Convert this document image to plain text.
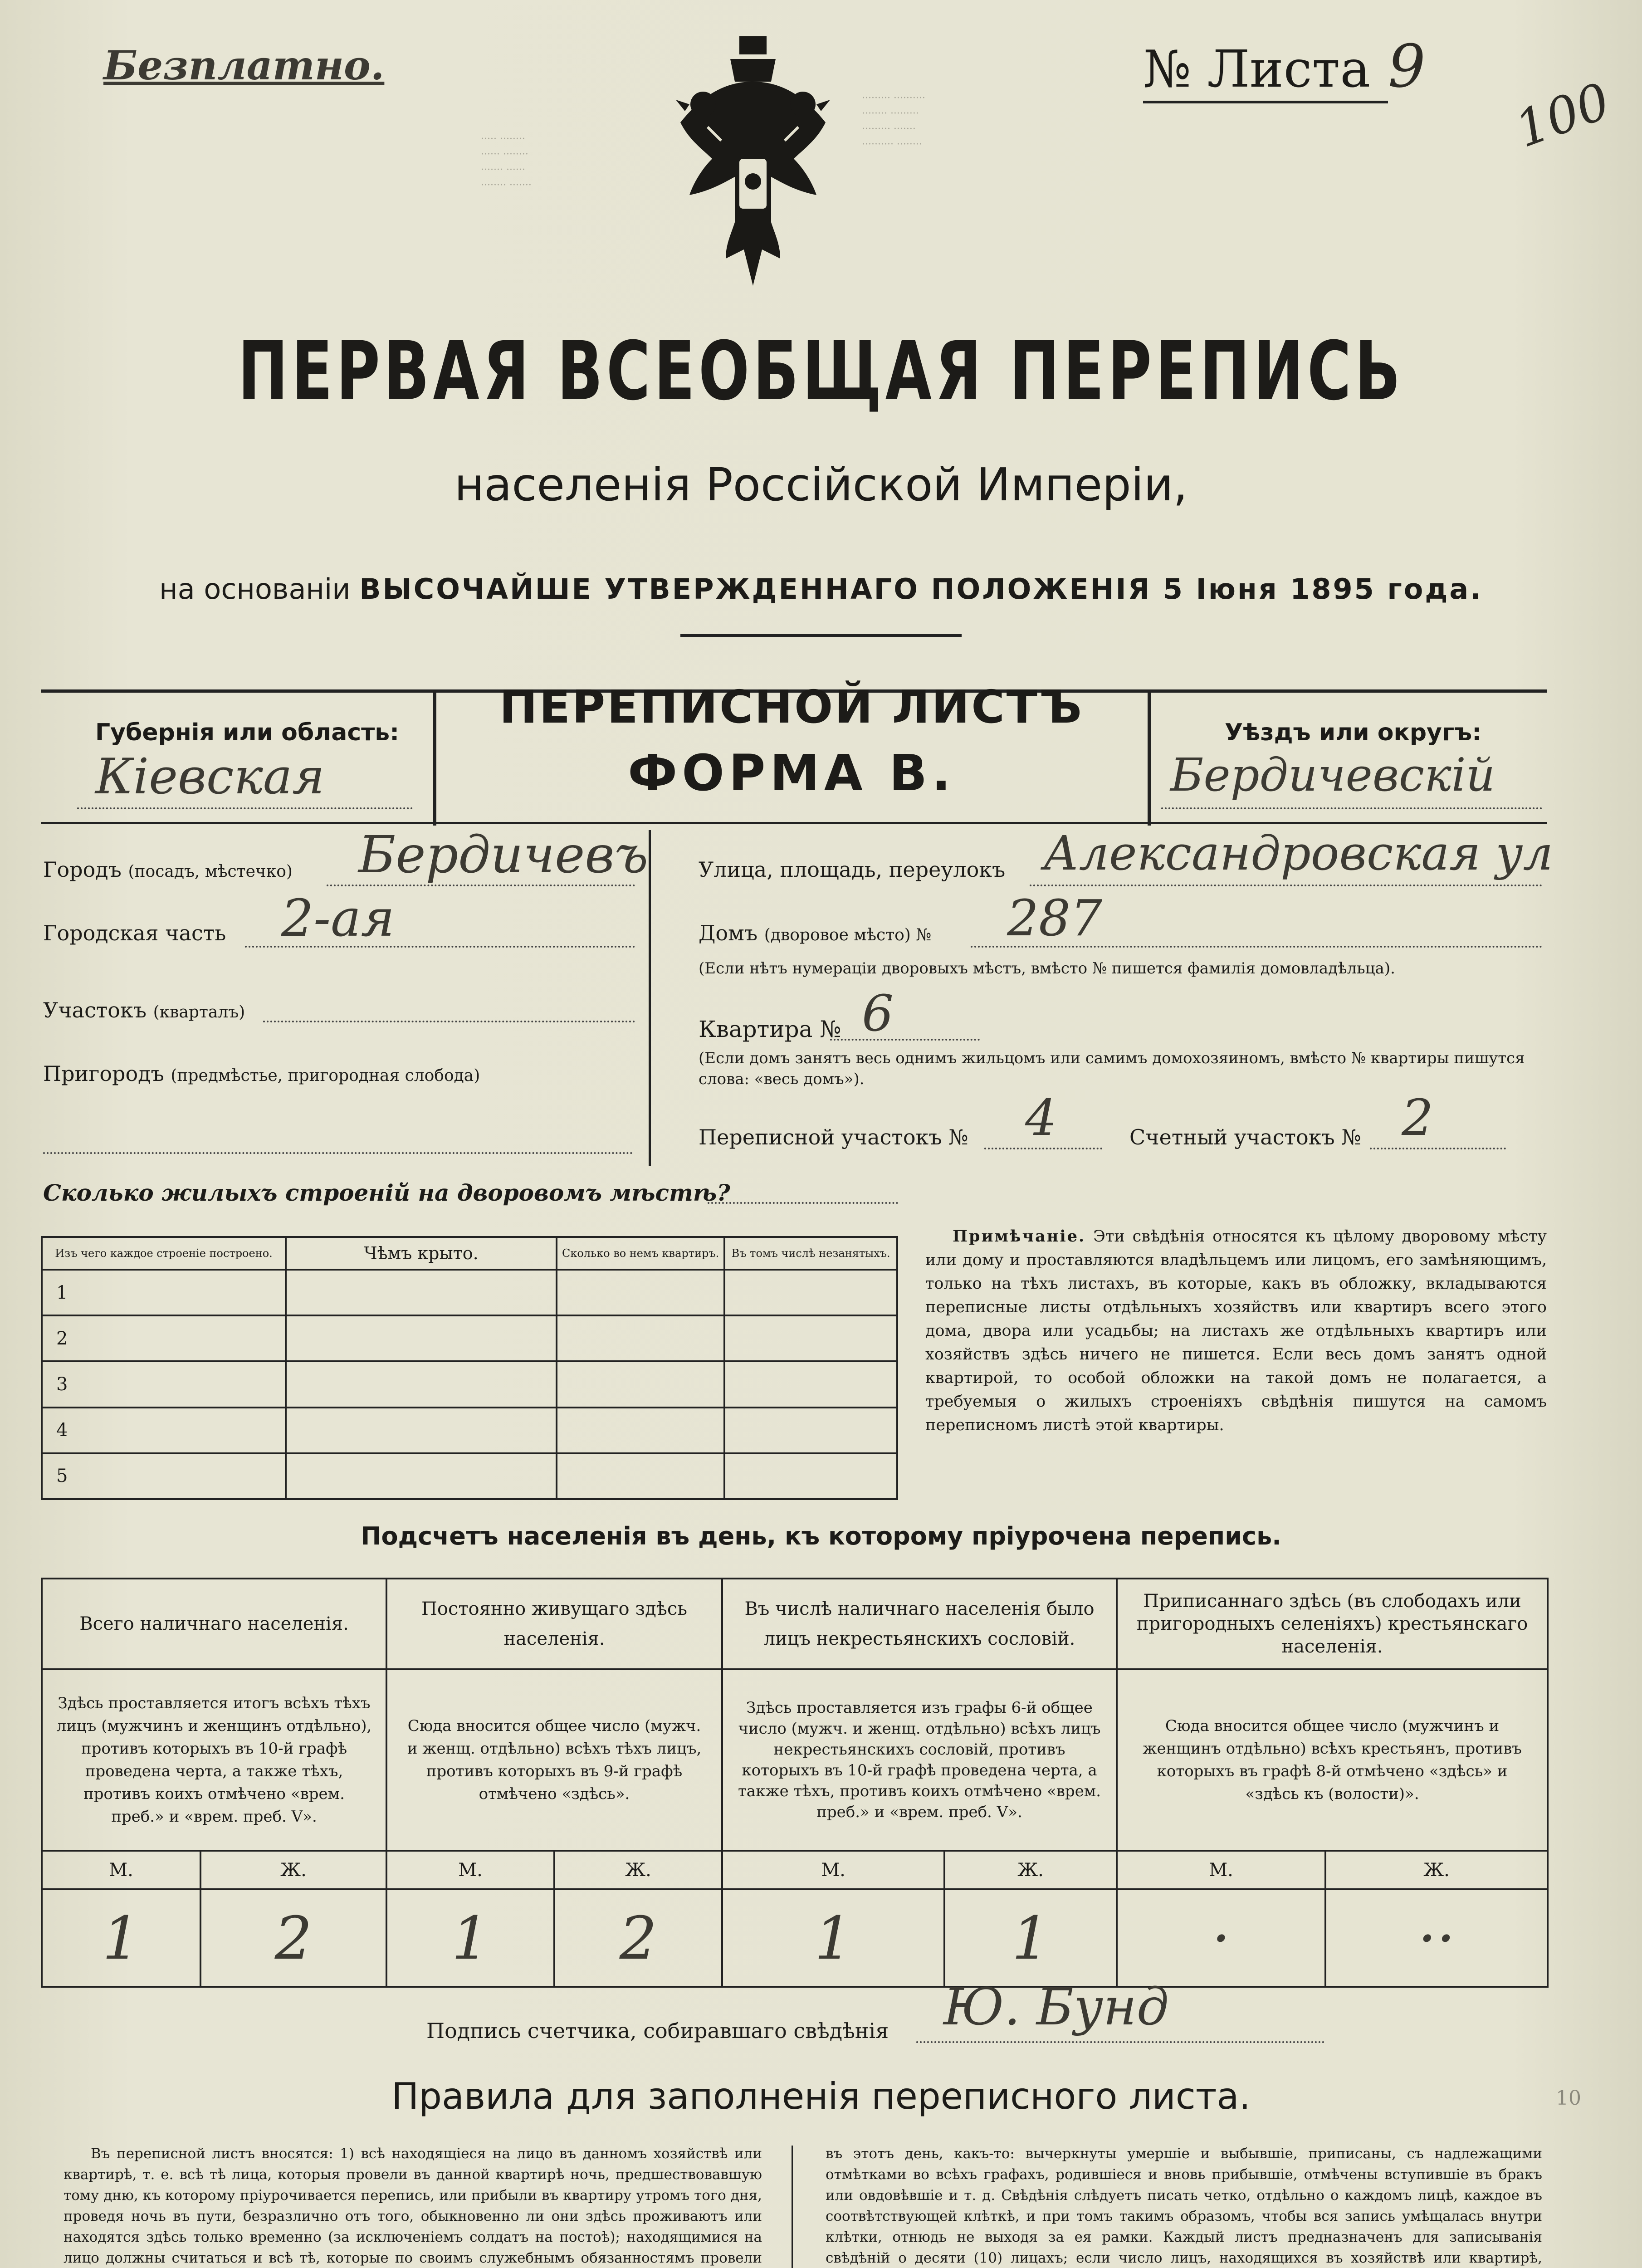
····· ········
······ ········
······· ······
········ ·······
········· ··········
········ ·········
········· ·······
·········· ········
Безплатно.	№ Листа 9
100
ПЕРВАЯ ВСЕОБЩАЯ ПЕРЕПИСЬ
населенія Россійской Имперіи,
на основаніи ВЫСОЧАЙШЕ УТВЕРЖДЕННАГО ПОЛОЖЕНІЯ 5 Іюня 1895 года.
Губернія или область:
Кіевская
ПЕРЕПИСНОЙ ЛИСТЪ
ФОРМА В.
Уѣздъ или округъ:
Бердичевскій
Городъ (посадъ, мѣстечко) Бердичевъ
Городская часть 2-ая
Участокъ (кварталъ)
Пригородъ (предмѣстье, пригородная слобода)
Улица, площадь, переулокъ Александровская ул
Домъ (дворовое мѣсто) № 287
(Если нѣтъ нумераціи дворовыхъ мѣстъ, вмѣсто № пишется фамилія домовладѣльца).
Квартира № 6
(Если домъ занятъ весь однимъ жильцомъ или самимъ домохозяиномъ, вмѣсто № квартиры пишутся слова: «весь домъ»).
Переписной участокъ № 4	Счетный участокъ № 2
Сколько жилыхъ строеній на дворовомъ мѣстѣ?
Изъ чего каждое строеніе построено.	Чѣмъ крыто.	Сколько во немъ квартиръ.	Въ томъ числѣ незанятыхъ.
1			
2			
3			
4			
5			
Примѣчаніе. Эти свѣдѣнія относятся къ цѣлому дворовому мѣсту или дому и проставляются владѣльцемъ или лицомъ, его замѣняющимъ, только на тѣхъ листахъ, въ которые, какъ въ обложку, вкладываются переписные листы отдѣльныхъ хозяйствъ или квартиръ всего этого дома, двора или усадьбы; на листахъ же отдѣльныхъ квартиръ или хозяйствъ здѣсь ничего не пишется. Если весь домъ занятъ одной квартирой, то особой обложки на такой домъ не полагается, а требуемыя о жилыхъ строеніяхъ свѣдѣнія пишутся на самомъ переписномъ листѣ этой квартиры.
Подсчетъ населенія въ день, къ которому пріурочена перепись.
Всего наличнаго населенія.		Постоянно живущаго здѣсь населенія.		Въ числѣ наличнаго населенія было лицъ некрестьянскихъ сословій.		Приписаннаго здѣсь (въ слободахъ или пригородныхъ селеніяхъ) крестьянскаго населенія.	
Здѣсь проставляется итогъ всѣхъ тѣхъ лицъ (мужчинъ и женщинъ отдѣльно), противъ которыхъ въ 10-й графѣ проведена черта, а также тѣхъ, противъ коихъ отмѣчено «врем. преб.» и «врем. преб. V».		Сюда вносится общее число (мужч. и женщ. отдѣльно) всѣхъ тѣхъ лицъ, противъ которыхъ въ 9-й графѣ отмѣчено «здѣсь».		Здѣсь проставляется изъ графы 6-й общее число (мужч. и женщ. отдѣльно) всѣхъ лицъ некрестьянскихъ сословій, противъ которыхъ въ 10-й графѣ проведена черта, а также тѣхъ, противъ коихъ отмѣчено «врем. преб.» и «врем. преб. V».		Сюда вносится общее число (мужчинъ и женщинъ отдѣльно) всѣхъ крестьянъ, противъ которыхъ въ графѣ 8-й отмѣчено «здѣсь» и «здѣсь къ (волости)».	
М.	Ж.	М.	Ж.	М.	Ж.	М.	Ж.
1	2	1	2	1	1	·	··
Подпись счетчика, собиравшаго свѣдѣнія Ю. Бунд
Правила для заполненія переписного листа.	10
Въ переписной листъ вносятся: 1) всѣ находящіеся на лицо въ данномъ хозяйствѣ или квартирѣ, т. е. всѣ тѣ лица, которыя провели въ данной квартирѣ ночь, предшествовавшую тому дню, къ которому пріурочивается перепись, или прибыли въ квартиру утромъ того дня, проведя ночь въ пути, безразлично отъ того, обыкновенно ли они здѣсь проживаютъ или находятся здѣсь только временно (за исключеніемъ солдатъ на постоѣ); находящимися на лицо должны считаться и всѣ тѣ, которые по своимъ служебнымъ обязанностямъ провели
въ этотъ день, какъ-то: вычеркнуты умершіе и выбывшіе, приписаны, съ надлежащими отмѣтками во всѣхъ графахъ, родившіеся и вновь прибывшіе, отмѣчены вступившіе въ бракъ или овдовѣвшіе и т. д. Свѣдѣнія слѣдуетъ писать четко, отдѣльно о каждомъ лицѣ, каждое въ соотвѣтствующей клѣткѣ, и при томъ такимъ образомъ, чтобы вся запись умѣщалась внутри клѣтки, отнюдь не выходя за ея рамки. Каждый листъ предназначенъ для записыванія свѣдѣній о десяти (10) лицахъ; если число лицъ, находящихся въ хозяйствѣ или квартирѣ,
